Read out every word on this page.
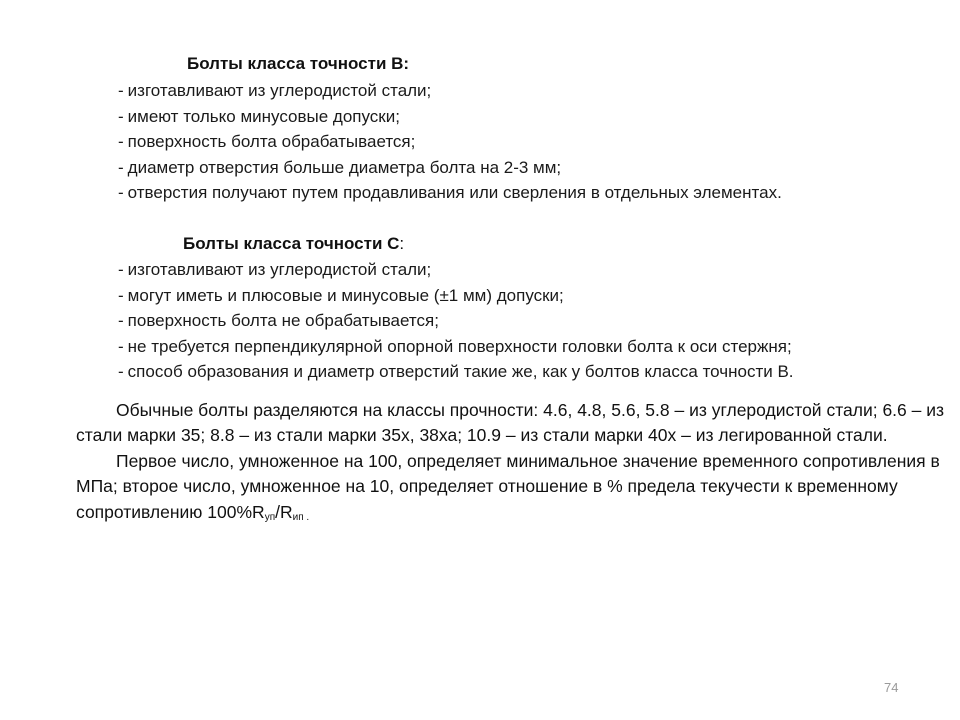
Болты класса точности B:
- изготавливают из углеродистой стали;
- имеют только минусовые допуски;
- поверхность болта обрабатывается;
- диаметр отверстия больше диаметра болта на 2-3 мм;
- отверстия получают путем продавливания или сверления в отдельных элементах.
Болты класса точности C:
- изготавливают из углеродистой стали;
- могут иметь и плюсовые и минусовые (±1 мм) допуски;
- поверхность болта не обрабатывается;
- не требуется перпендикулярной опорной поверхности головки болта к оси стержня;
- способ образования и диаметр отверстий такие же, как у болтов класса точности В.

Обычные болты разделяются на классы прочности: 4.6, 4.8, 5.6, 5.8 – из углеродистой стали; 6.6 – из стали марки 35; 8.8 – из стали марки 35х, 38ха; 10.9 – из стали марки 40х – из легированной стали.

Первое число, умноженное на 100, определяет минимальное значение временного сопротивления в МПа; второе число, умноженное на 10, определяет отношение в % предела текучести к временному сопротивлению $100\%R_{уп}/R_{ип .}$

74
